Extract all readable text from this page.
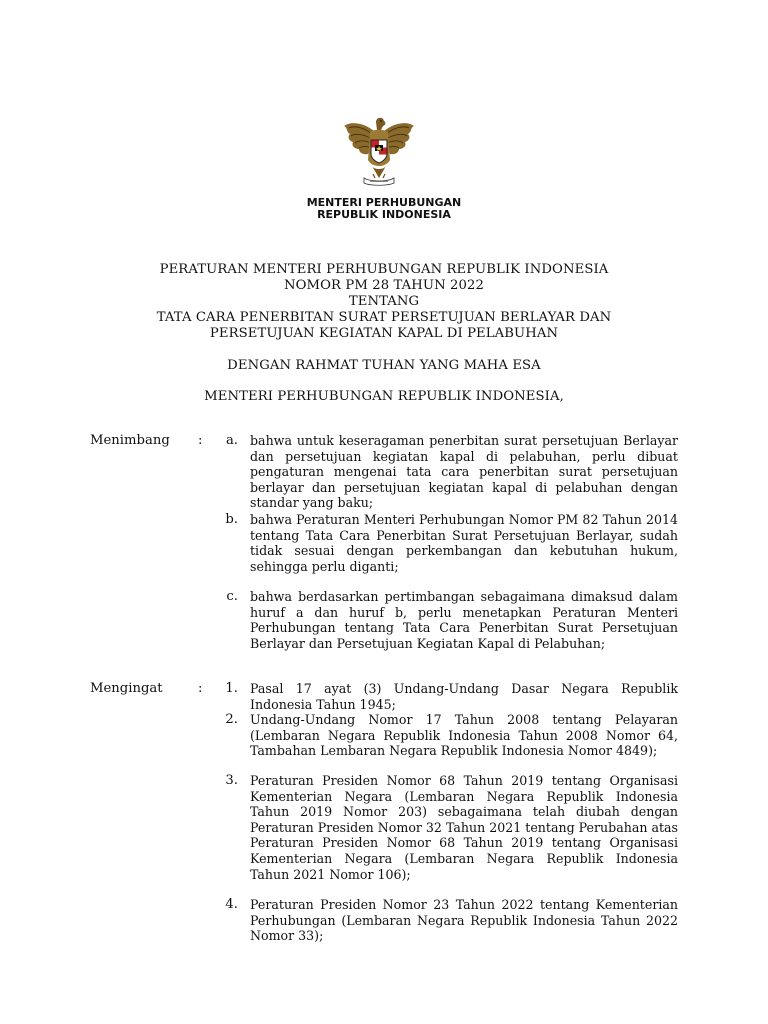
MENTERI PERHUBUNGAN
REPUBLIK INDONESIA
PERATURAN MENTERI PERHUBUNGAN REPUBLIK INDONESIA
NOMOR PM 28 TAHUN 2022
TENTANG
TATA CARA PENERBITAN SURAT PERSETUJUAN BERLAYAR DAN
PERSETUJUAN KEGIATAN KAPAL DI PELABUHAN
DENGAN RAHMAT TUHAN YANG MAHA ESA
MENTERI PERHUBUNGAN REPUBLIK INDONESIA,
Menimbang :	a. bahwa untuk keseragaman penerbitan surat persetujuan Berlayar dan persetujuan kegiatan kapal di pelabuhan, perlu dibuat pengaturan mengenai tata cara penerbitan surat persetujuan berlayar dan persetujuan kegiatan kapal di pelabuhan dengan standar yang baku;
b. bahwa Peraturan Menteri Perhubungan Nomor PM 82 Tahun 2014 tentang Tata Cara Penerbitan Surat Persetujuan Berlayar, sudah tidak sesuai dengan perkembangan dan kebutuhan hukum, sehingga perlu diganti;
c. bahwa berdasarkan pertimbangan sebagaimana dimaksud dalam huruf a dan huruf b, perlu menetapkan Peraturan Menteri Perhubungan tentang Tata Cara Penerbitan Surat Persetujuan Berlayar dan Persetujuan Kegiatan Kapal di Pelabuhan;
Mengingat	:	1. Pasal 17 ayat (3) Undang-Undang Dasar Negara Republik Indonesia Tahun 1945;
2. Undang-Undang Nomor 17 Tahun 2008 tentang Pelayaran (Lembaran Negara Republik Indonesia Tahun 2008 Nomor 64, Tambahan Lembaran Negara Republik Indonesia Nomor 4849);
3. Peraturan Presiden Nomor 68 Tahun 2019 tentang Organisasi Kementerian Negara (Lembaran Negara Republik Indonesia Tahun 2019 Nomor 203) sebagaimana telah diubah dengan Peraturan Presiden Nomor 32 Tahun 2021 tentang Perubahan atas Peraturan Presiden Nomor 68 Tahun 2019 tentang Organisasi Kementerian Negara (Lembaran Negara Republik Indonesia Tahun 2021 Nomor 106);
4. Peraturan Presiden Nomor 23 Tahun 2022 tentang Kementerian Perhubungan (Lembaran Negara Republik Indonesia Tahun 2022 Nomor 33);
